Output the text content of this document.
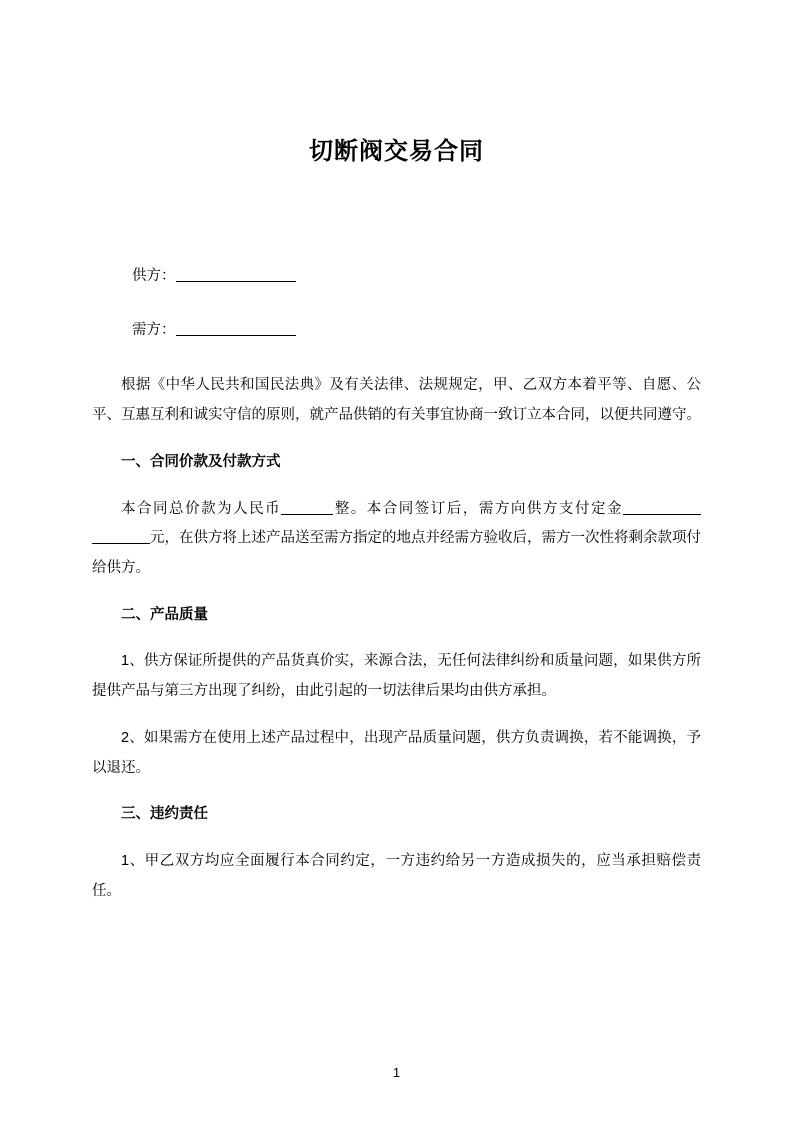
切断阀交易合同
供方：
需方：

根据《中华人民共和国民法典》及有关法律、法规规定，甲、乙双方本着平等、自愿、公平、互惠互利和诚实守信的原则，就产品供销的有关事宜协商一致订立本合同，以便共同遵守。

一、合同价款及付款方式

本合同总价款为人民币	整。本合同签订后，需方向供方支付定金元，在供方将上述产品送至需方指定的地点并经需方验收后，需方一次性将剩余款项付给供方。

二、产品质量

1、供方保证所提供的产品货真价实，来源合法，无任何法律纠纷和质量问题，如果供方所提供产品与第三方出现了纠纷，由此引起的一切法律后果均由供方承担。

2、如果需方在使用上述产品过程中，出现产品质量问题，供方负责调换，若不能调换，予以退还。

三、违约责任

1、甲乙双方均应全面履行本合同约定，一方违约给另一方造成损失的，应当承担赔偿责任。

1
